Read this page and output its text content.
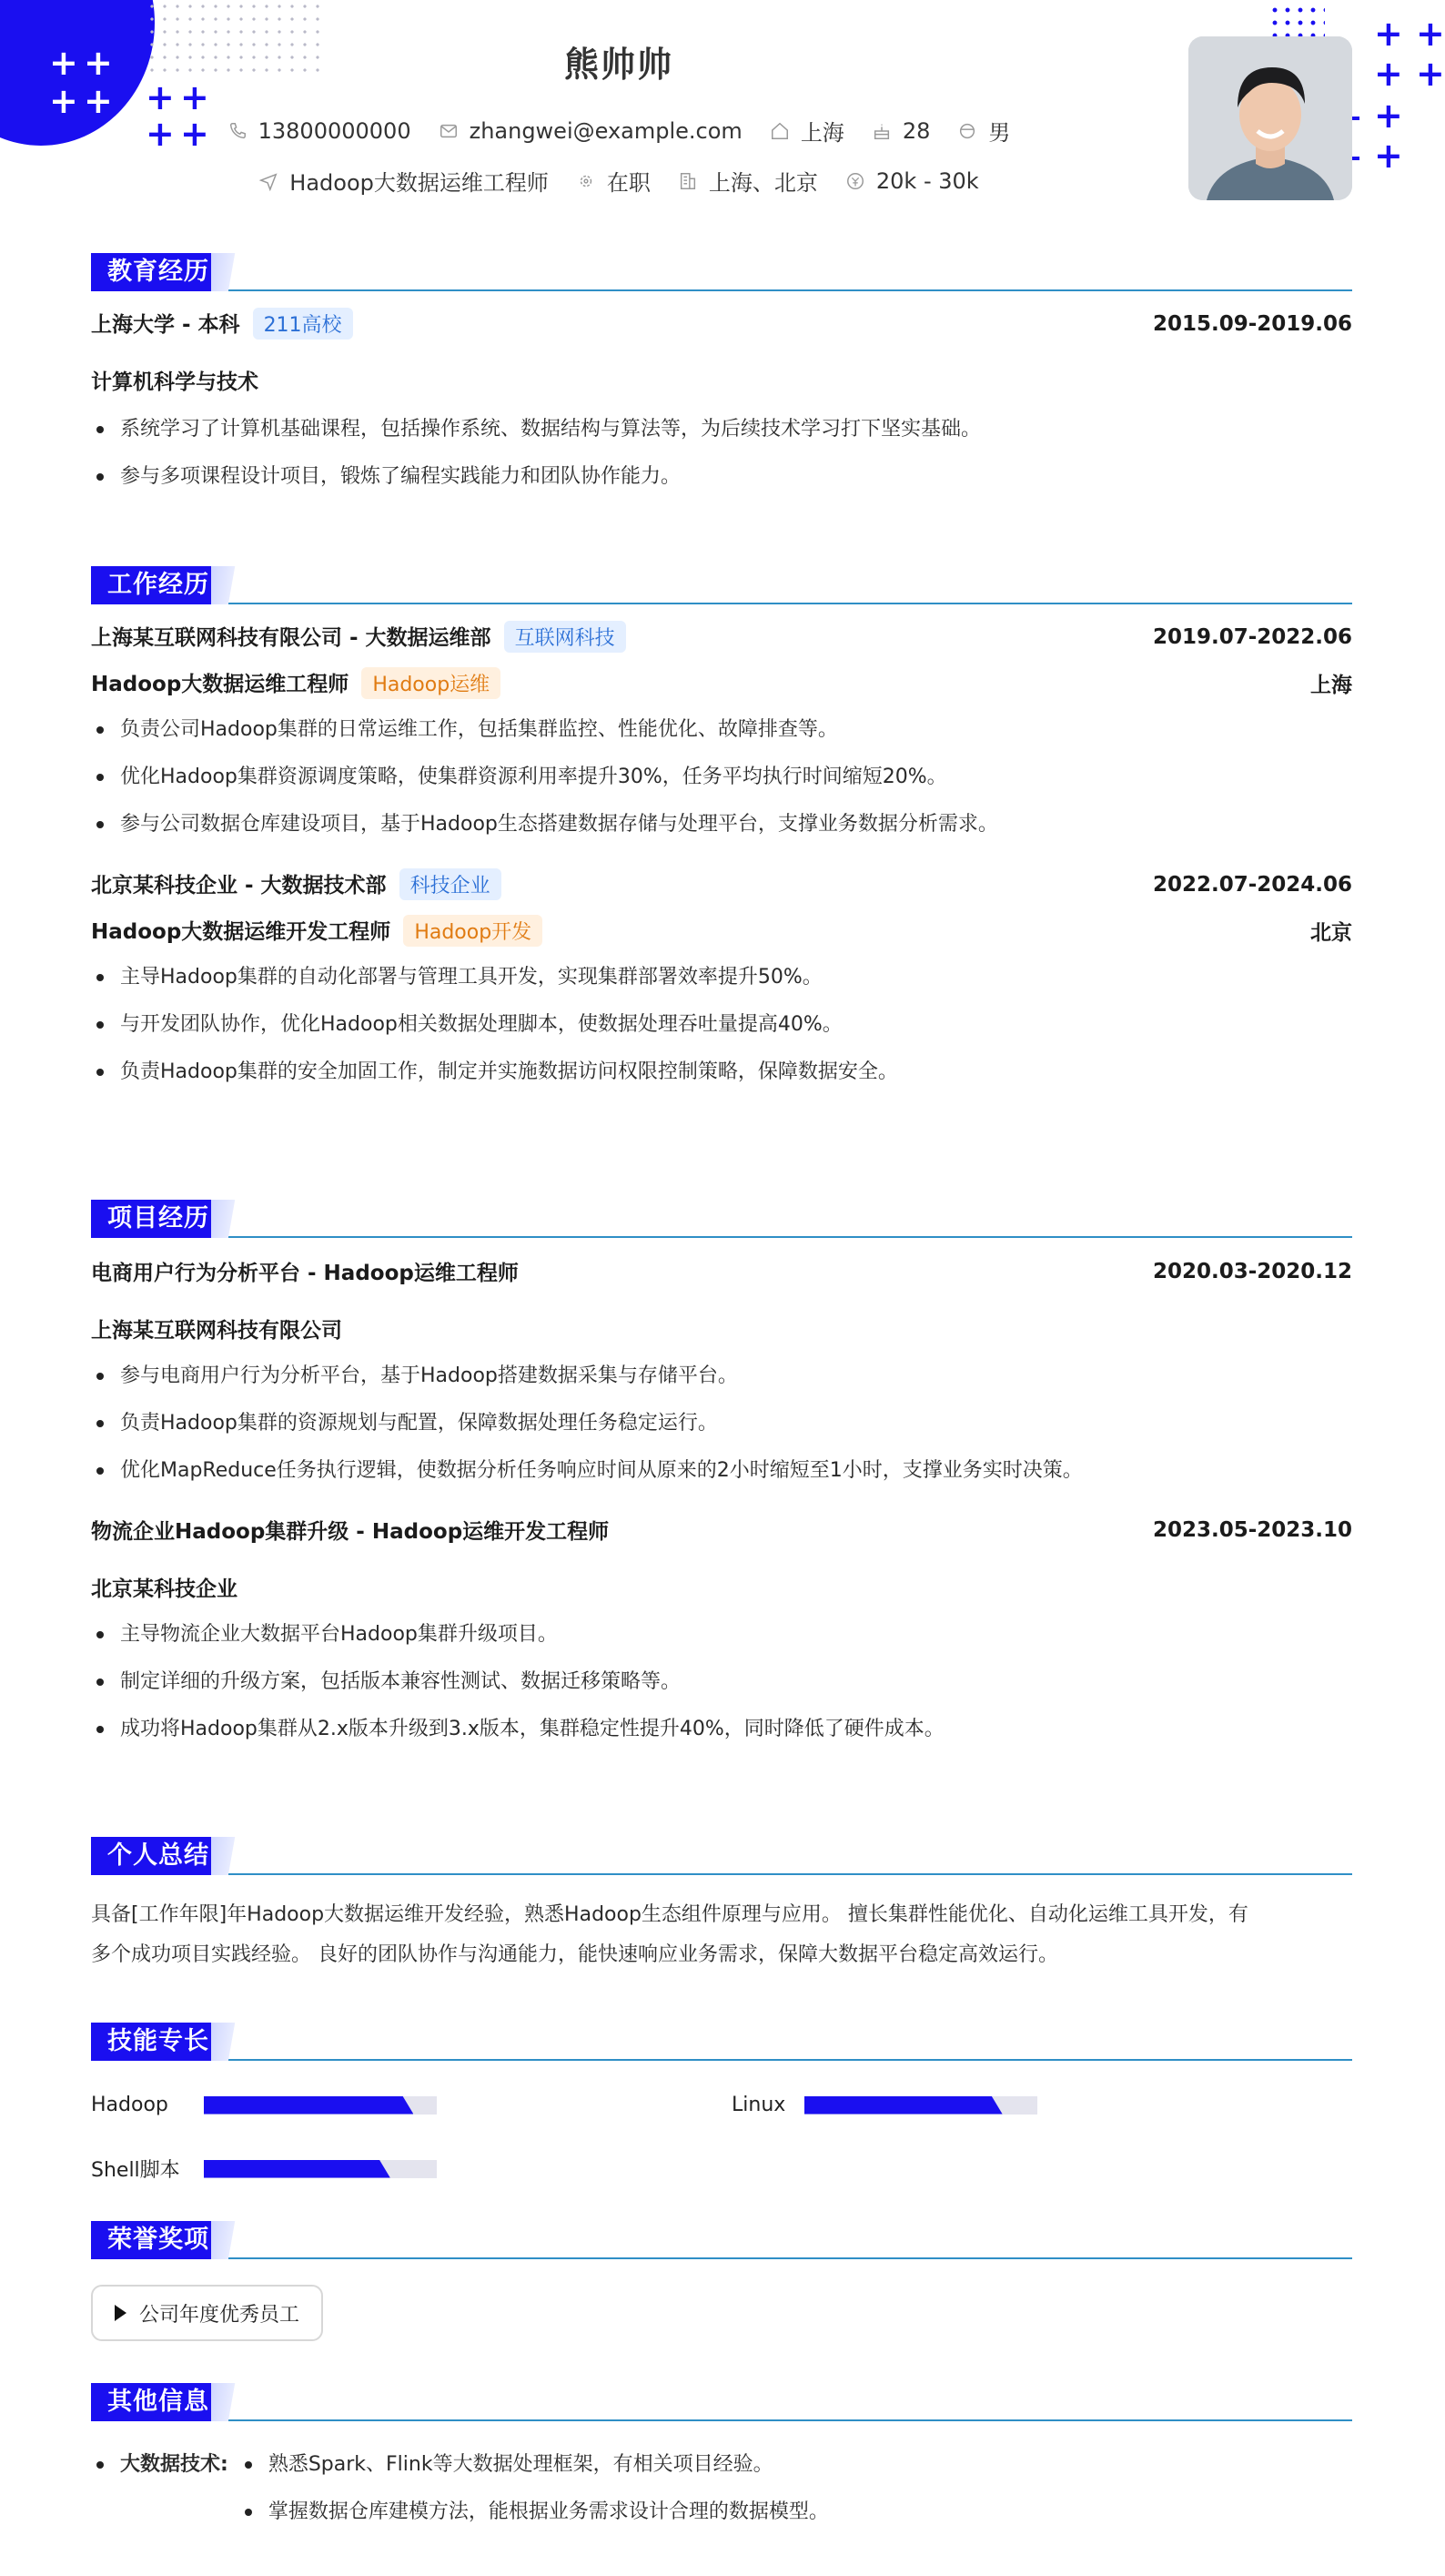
+ +
+ + + +
+ +
+ +
+ +
+
+
熊帅帅
13800000000	zhangwei@example.com	上海	28	男
Hadoop大数据运维工程师	在职	上海、北京	20k - 30k
教育经历
上海大学 - 本科 211高校	2015.09-2019.06
计算机科学与技术
系统学习了计算机基础课程，包括操作系统、数据结构与算法等，为后续技术学习打下坚实基础。
参与多项课程设计项目，锻炼了编程实践能力和团队协作能力。
工作经历
上海某互联网科技有限公司 - 大数据运维部 互联网科技	2019.07-2022.06
Hadoop大数据运维工程师 Hadoop运维	上海
负责公司Hadoop集群的日常运维工作，包括集群监控、性能优化、故障排查等。
优化Hadoop集群资源调度策略，使集群资源利用率提升30%，任务平均执行时间缩短20%。
参与公司数据仓库建设项目，基于Hadoop生态搭建数据存储与处理平台，支撑业务数据分析需求。
北京某科技企业 - 大数据技术部 科技企业	2022.07-2024.06
Hadoop大数据运维开发工程师 Hadoop开发	北京
主导Hadoop集群的自动化部署与管理工具开发，实现集群部署效率提升50%。
与开发团队协作，优化Hadoop相关数据处理脚本，使数据处理吞吐量提高40%。
负责Hadoop集群的安全加固工作，制定并实施数据访问权限控制策略，保障数据安全。
项目经历
电商用户行为分析平台 - Hadoop运维工程师	2020.03-2020.12
上海某互联网科技有限公司
参与电商用户行为分析平台，基于Hadoop搭建数据采集与存储平台。
负责Hadoop集群的资源规划与配置，保障数据处理任务稳定运行。
优化MapReduce任务执行逻辑，使数据分析任务响应时间从原来的2小时缩短至1小时，支撑业务实时决策。
物流企业Hadoop集群升级 - Hadoop运维开发工程师	2023.05-2023.10
北京某科技企业
主导物流企业大数据平台Hadoop集群升级项目。
制定详细的升级方案，包括版本兼容性测试、数据迁移策略等。
成功将Hadoop集群从2.x版本升级到3.x版本，集群稳定性提升40%，同时降低了硬件成本。
个人总结
具备[工作年限]年Hadoop大数据运维开发经验，熟悉Hadoop生态组件原理与应用。 擅长集群性能优化、自动化运维工具开发，有
多个成功项目实践经验。 良好的团队协作与沟通能力，能快速响应业务需求，保障大数据平台稳定高效运行。
技能专长
Hadoop	Linux
Shell脚本
荣誉奖项
公司年度优秀员工
其他信息
大数据技术:	熟悉Spark、Flink等大数据处理框架，有相关项目经验。
掌握数据仓库建模方法，能根据业务需求设计合理的数据模型。
